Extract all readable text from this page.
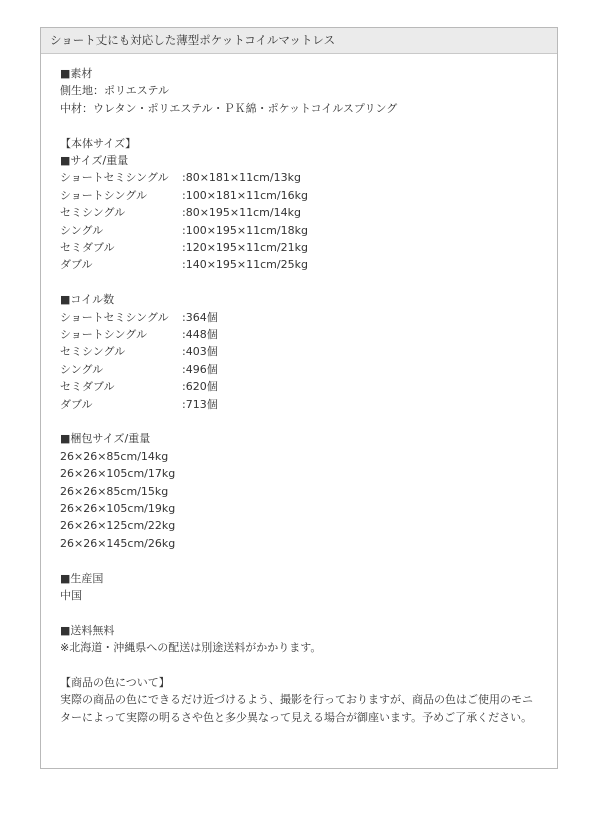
ショート丈にも対応した薄型ポケットコイルマットレス

■素材

側生地：ポリエステル

中材：ウレタン・ポリエステル・ＰＫ綿・ポケットコイルスプリング

【本体サイズ】

■サイズ/重量

ショートセミシングル	:80×181×11cm/13kg
ショートシングル	:100×181×11cm/16kg
セミシングル	:80×195×11cm/14kg
シングル	:100×195×11cm/18kg
セミダブル	:120×195×11cm/21kg
ダブル	:140×195×11cm/25kg

■コイル数

ショートセミシングル	:364個
ショートシングル	:448個
セミシングル	:403個
シングル	:496個
セミダブル	:620個
ダブル	:713個

■梱包サイズ/重量

26×26×85cm/14kg

26×26×105cm/17kg

26×26×85cm/15kg

26×26×105cm/19kg

26×26×125cm/22kg

26×26×145cm/26kg

■生産国

中国

■送料無料

※北海道・沖縄県への配送は別途送料がかかります。

【商品の色について】

実際の商品の色にできるだけ近づけるよう、撮影を行っておりますが、商品の色はご使用のモニターによって実際の明るさや色と多少異なって見える場合が御座います。予めご了承ください。
